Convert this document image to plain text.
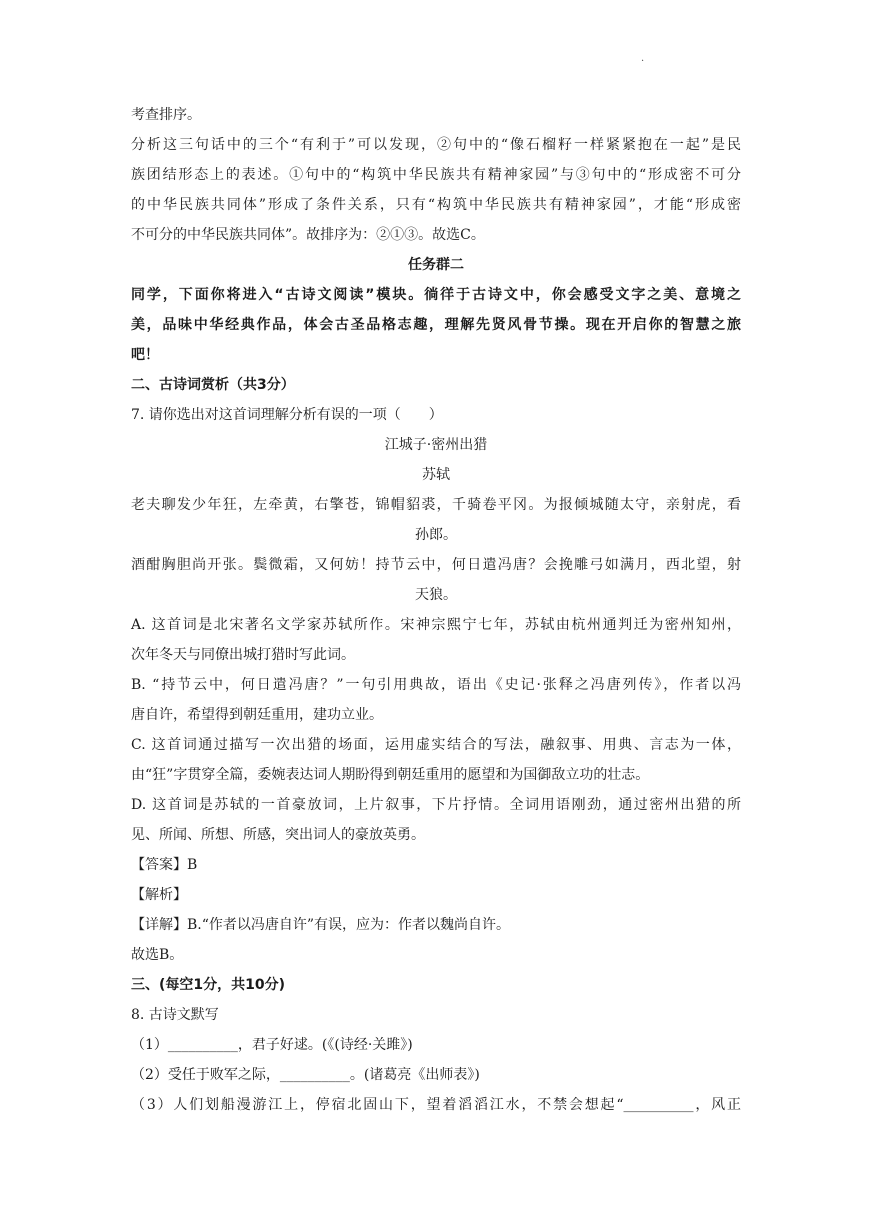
·
考查排序。
分析这三句话中的三个“有利于”可以发现，②句中的“像石榴籽一样紧紧抱在一起”是民
族团结形态上的表述。①句中的“构筑中华民族共有精神家园”与③句中的“形成密不可分
的中华民族共同体”形成了条件关系，只有“构筑中华民族共有精神家园”，才能“形成密
不可分的中华民族共同体”。故排序为：②①③。故选C。
任务群二
同学，下面你将进入“古诗文阅读”模块。徜徉于古诗文中，你会感受文字之美、意境之
美，品味中华经典作品，体会古圣品格志趣，理解先贤风骨节操。现在开启你的智慧之旅
吧！
二、古诗词赏析（共3分）
7. 请你选出对这首词理解分析有误的一项（　　）
江城子·密州出猎
苏轼
老夫聊发少年狂，左牵黄，右擎苍，锦帽貂裘，千骑卷平冈。为报倾城随太守，亲射虎，看
孙郎。
酒酣胸胆尚开张。鬓微霜，又何妨！持节云中，何日遣冯唐？会挽雕弓如满月，西北望，射
天狼。
A. 这首词是北宋著名文学家苏轼所作。宋神宗熙宁七年，苏轼由杭州通判迁为密州知州，
次年冬天与同僚出城打猎时写此词。
B. “持节云中，何日遣冯唐？”一句引用典故，语出《史记·张释之冯唐列传》，作者以冯
唐自许，希望得到朝廷重用，建功立业。
C. 这首词通过描写一次出猎的场面，运用虚实结合的写法，融叙事、用典、言志为一体，
由“狂”字贯穿全篇，委婉表达词人期盼得到朝廷重用的愿望和为国御敌立功的壮志。
D. 这首词是苏轼的一首豪放词，上片叙事，下片抒情。全词用语刚劲，通过密州出猎的所
见、所闻、所想、所感，突出词人的豪放英勇。
【答案】B
【解析】
【详解】B.“作者以冯唐自许”有误，应为：作者以魏尚自许。
故选B。
三、(每空1分，共10分)
8. 古诗文默写
（1）__________，君子好逑。(《(诗经·关雎》)
（2）受任于败军之际，__________。(诸葛亮《出师表》)
（3）人们划船漫游江上，停宿北固山下，望着滔滔江水，不禁会想起“__________，风正
